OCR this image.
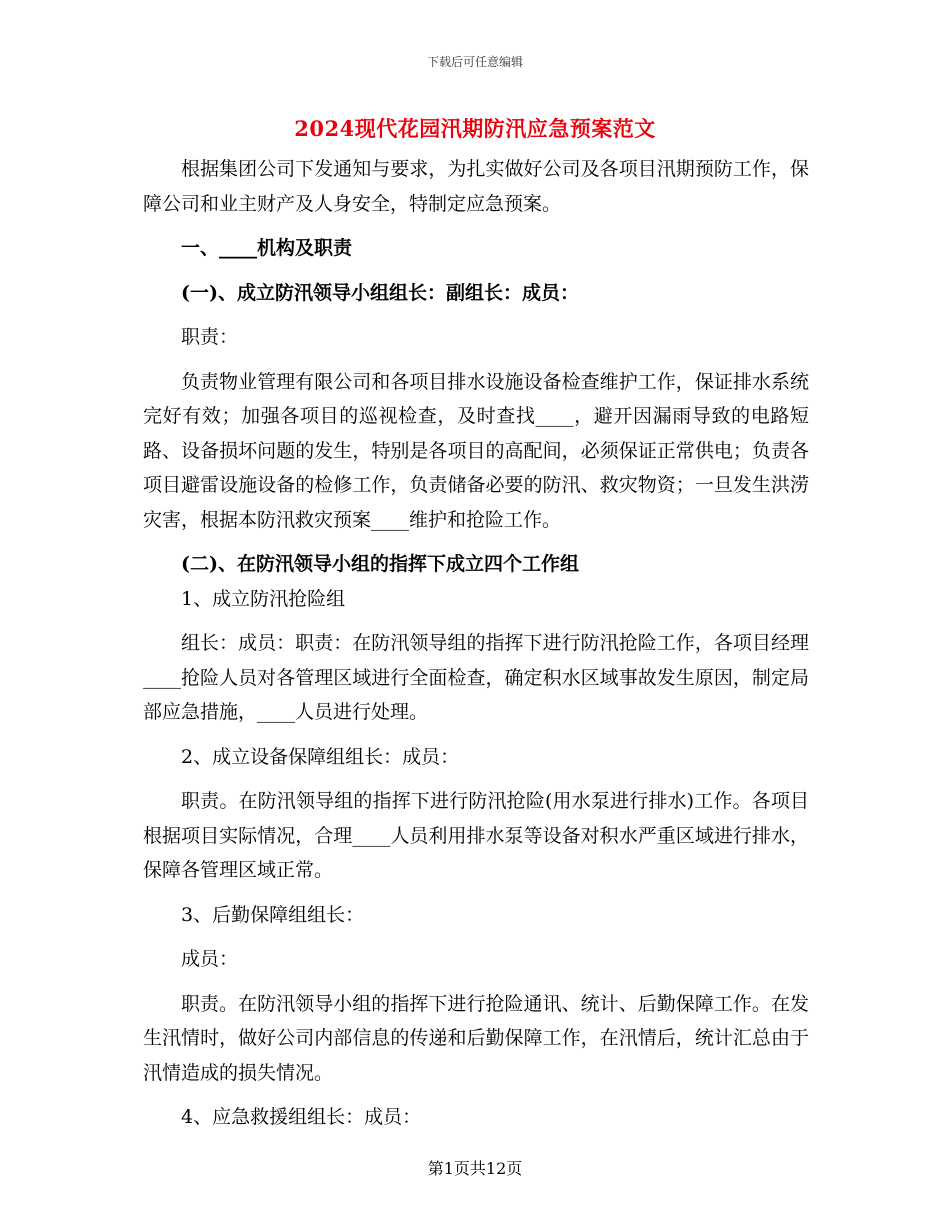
下载后可任意编辑
2024现代花园汛期防汛应急预案范文

根据集团公司下发通知与要求，为扎实做好公司及各项目汛期预防工作，保障公司和业主财产及人身安全，特制定应急预案。

一、____机构及职责

(一)、成立防汛领导小组组长：副组长：成员：

职责：

负责物业管理有限公司和各项目排水设施设备检查维护工作，保证排水系统完好有效；加强各项目的巡视检查，及时查找____，避开因漏雨导致的电路短路、设备损坏问题的发生，特别是各项目的高配间，必须保证正常供电；负责各项目避雷设施设备的检修工作，负责储备必要的防汛、救灾物资；一旦发生洪涝灾害，根据本防汛救灾预案____维护和抢险工作。

(二)、在防汛领导小组的指挥下成立四个工作组

1、成立防汛抢险组

组长：成员：职责：在防汛领导组的指挥下进行防汛抢险工作，各项目经理____抢险人员对各管理区域进行全面检查，确定积水区域事故发生原因，制定局部应急措施，____人员进行处理。

2、成立设备保障组组长：成员：

职责。在防汛领导组的指挥下进行防汛抢险(用水泵进行排水)工作。各项目根据项目实际情况，合理____人员利用排水泵等设备对积水严重区域进行排水，保障各管理区域正常。

3、后勤保障组组长：

成员：

职责。在防汛领导小组的指挥下进行抢险通讯、统计、后勤保障工作。在发生汛情时，做好公司内部信息的传递和后勤保障工作，在汛情后，统计汇总由于汛情造成的损失情况。

4、应急救援组组长：成员：

第1页共12页
